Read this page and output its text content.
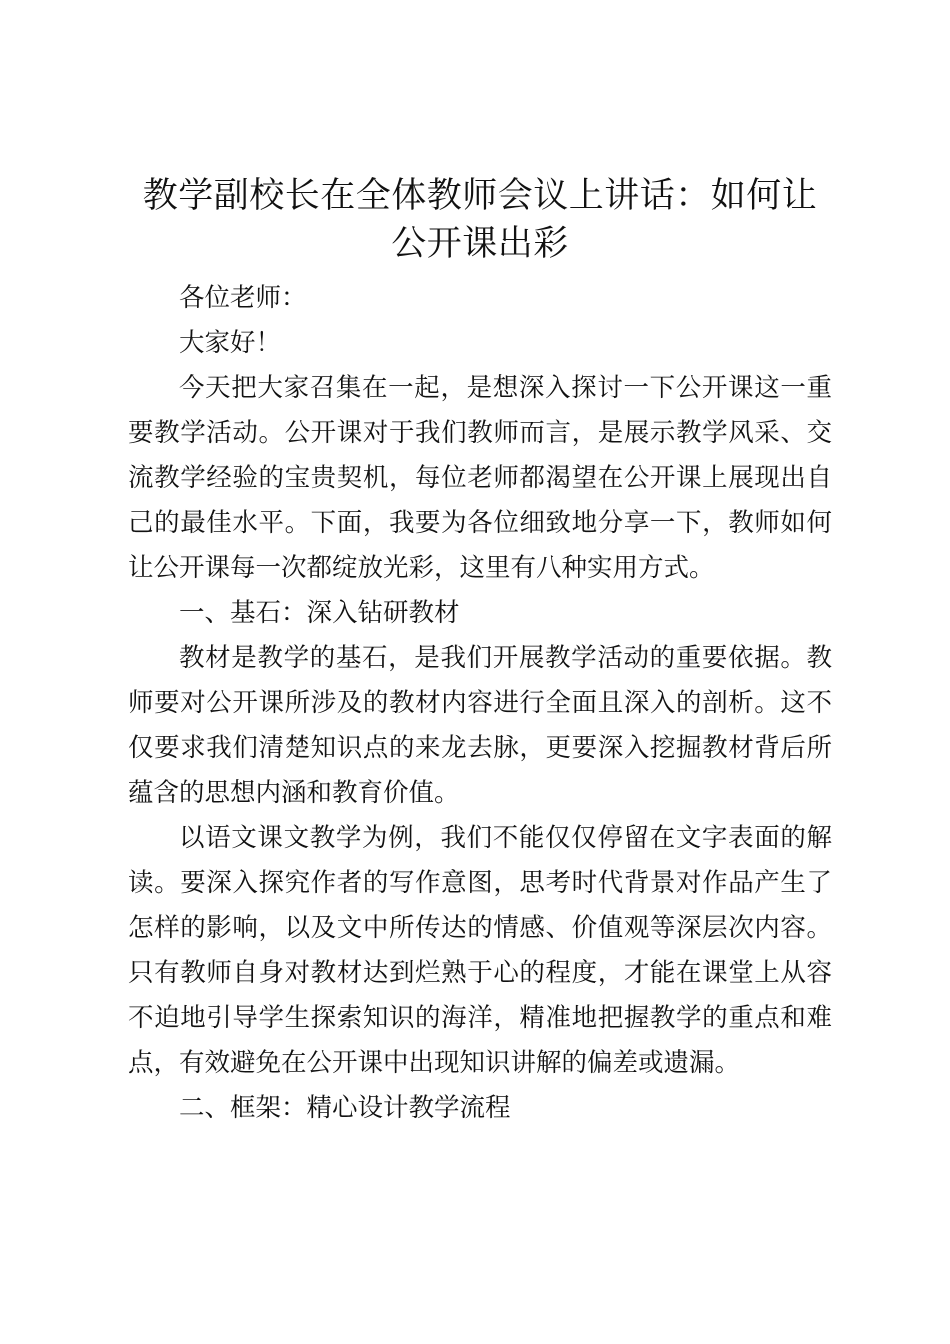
教学副校长在全体教师会议上讲话：如何让公开课出彩

各位老师：

大家好！

今天把大家召集在一起，是想深入探讨一下公开课这一重要教学活动。公开课对于我们教师而言，是展示教学风采、交流教学经验的宝贵契机，每位老师都渴望在公开课上展现出自己的最佳水平。下面，我要为各位细致地分享一下，教师如何让公开课每一次都绽放光彩，这里有八种实用方式。

一、基石：深入钻研教材

教材是教学的基石，是我们开展教学活动的重要依据。教师要对公开课所涉及的教材内容进行全面且深入的剖析。这不仅要求我们清楚知识点的来龙去脉，更要深入挖掘教材背后所蕴含的思想内涵和教育价值。

以语文课文教学为例，我们不能仅仅停留在文字表面的解读。要深入探究作者的写作意图，思考时代背景对作品产生了怎样的影响，以及文中所传达的情感、价值观等深层次内容。只有教师自身对教材达到烂熟于心的程度，才能在课堂上从容不迫地引导学生探索知识的海洋，精准地把握教学的重点和难点，有效避免在公开课中出现知识讲解的偏差或遗漏。

二、框架：精心设计教学流程
